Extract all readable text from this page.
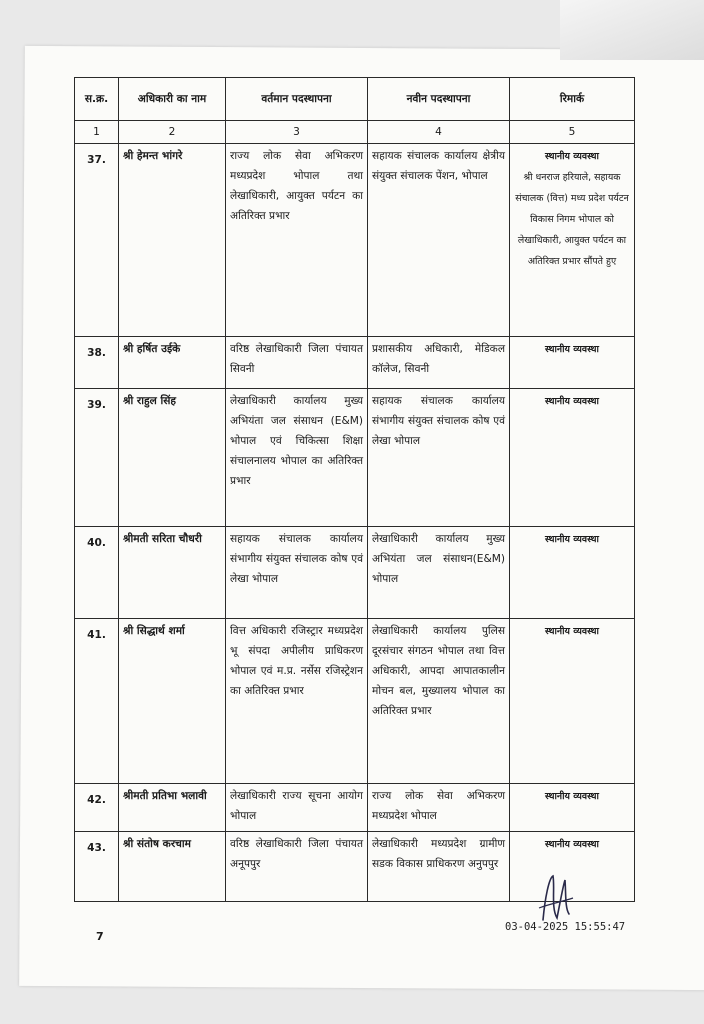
स.क्र.	अधिकारी का नाम	वर्तमान पदस्थापना	नवीन पदस्थापना	रिमार्क
1	2	3	4	5
37.	श्री हेमन्त भांगरे	राज्य लोक सेवा अभिकरण मध्यप्रदेश भोपाल तथा लेखाधिकारी, आयुक्त पर्यटन का अतिरिक्त प्रभार	सहायक संचालक कार्यालय क्षेत्रीय संयुक्त संचालक पेंशन, भोपाल	स्थानीय व्यवस्था
श्री धनराज हरियाले, सहायक संचालक (वित्त) मध्य प्रदेश पर्यटन विकास निगम भोपाल को लेखाधिकारी, आयुक्त पर्यटन का अतिरिक्त प्रभार सौंपते हुए

38.	श्री हर्षित उईके	वरिष्ठ लेखाधिकारी जिला पंचायत सिवनी	प्रशासकीय अधिकारी, मेडिकल कॉलेज, सिवनी	स्थानीय व्यवस्था

39.	श्री राहुल सिंह	लेखाधिकारी कार्यालय मुख्य अभियंता जल संसाधन (E&M) भोपाल एवं चिकित्सा शिक्षा संचालनालय भोपाल का अतिरिक्त प्रभार	सहायक संचालक कार्यालय संभागीय संयुक्त संचालक कोष एवं लेखा भोपाल	स्थानीय व्यवस्था

40.	श्रीमती सरिता चौधरी	सहायक संचालक कार्यालय संभागीय संयुक्त संचालक कोष एवं लेखा भोपाल	लेखाधिकारी कार्यालय मुख्य अभियंता जल संसाधन(E&M) भोपाल	स्थानीय व्यवस्था

41.	श्री सिद्धार्थ शर्मा	वित्त अधिकारी रजिस्ट्रार मध्यप्रदेश भू संपदा अपीलीय प्राधिकरण भोपाल एवं म.प्र. नर्सेस रजिस्ट्रेशन का अतिरिक्त प्रभार	लेखाधिकारी कार्यालय पुलिस दूरसंचार संगठन भोपाल तथा वित्त अधिकारी, आपदा आपातकालीन मोचन बल, मुख्यालय भोपाल का अतिरिक्त प्रभार	स्थानीय व्यवस्था

42.	श्रीमती प्रतिभा भलावी	लेखाधिकारी राज्य सूचना आयोग भोपाल	राज्य लोक सेवा अभिकरण मध्यप्रदेश भोपाल	स्थानीय व्यवस्था

43.	श्री संतोष करचाम	वरिष्ठ लेखाधिकारी जिला पंचायत अनूपपुर	लेखाधिकारी मध्यप्रदेश ग्रामीण सडक विकास प्राधिकरण अनुपपुर	स्थानीय व्यवस्था
03-04-2025 15:55:47
7
